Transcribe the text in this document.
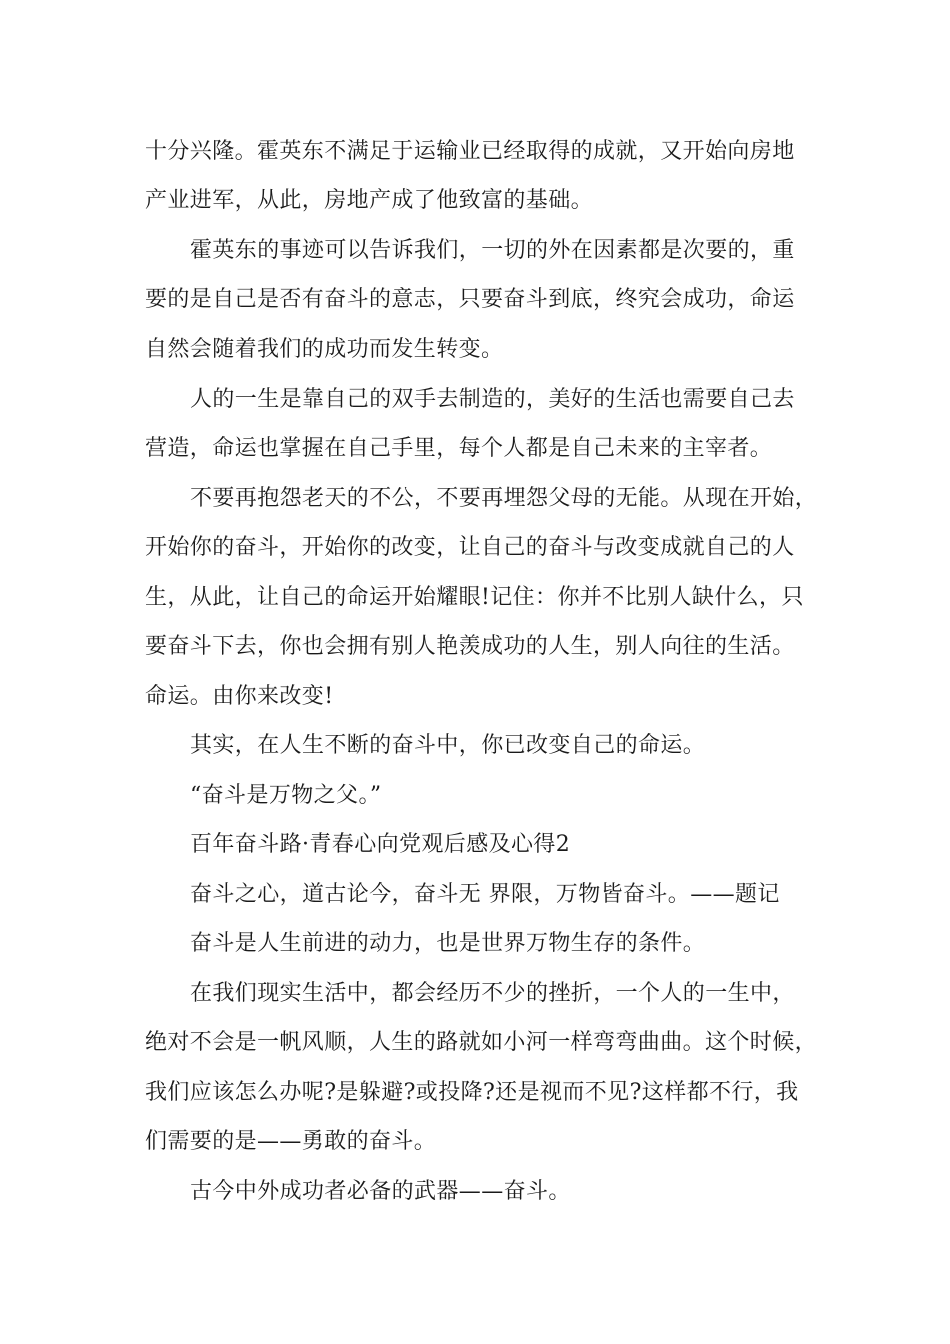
十分兴隆。霍英东不满足于运输业已经取得的成就，又开始向房地
产业进军，从此，房地产成了他致富的基础。
霍英东的事迹可以告诉我们，一切的外在因素都是次要的，重
要的是自己是否有奋斗的意志，只要奋斗到底，终究会成功，命运
自然会随着我们的成功而发生转变。
人的一生是靠自己的双手去制造的，美好的生活也需要自己去
营造，命运也掌握在自己手里，每个人都是自己未来的主宰者。
不要再抱怨老天的不公，不要再埋怨父母的无能。从现在开始，
开始你的奋斗，开始你的改变，让自己的奋斗与改变成就自己的人
生，从此，让自己的命运开始耀眼!记住：你并不比别人缺什么，只
要奋斗下去，你也会拥有别人艳羡成功的人生，别人向往的生活。
命运。由你来改变!
其实，在人生不断的奋斗中，你已改变自己的命运。
“奋斗是万物之父。”
百年奋斗路·青春心向党观后感及心得2
奋斗之心，道古论今，奋斗无 界限，万物皆奋斗。——题记
奋斗是人生前进的动力，也是世界万物生存的条件。
在我们现实生活中，都会经历不少的挫折，一个人的一生中，
绝对不会是一帆风顺，人生的路就如小河一样弯弯曲曲。这个时候，
我们应该怎么办呢?是躲避?或投降?还是视而不见?这样都不行，我
们需要的是——勇敢的奋斗。
古今中外成功者必备的武器——奋斗。
